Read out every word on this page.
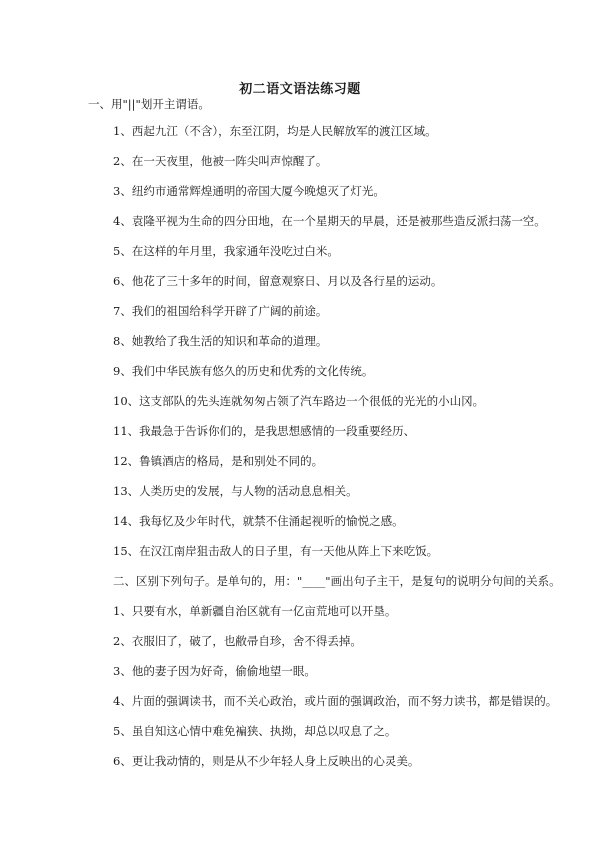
初二语文语法练习题
一、用"||"划开主谓语。
1、西起九江（不含），东至江阴，均是人民解放军的渡江区域。
2、在一天夜里，他被一阵尖叫声惊醒了。
3、纽约市通常辉煌通明的帝国大厦今晚熄灭了灯光。
4、袁隆平视为生命的四分田地，在一个星期天的早晨，还是被那些造反派扫荡一空。
5、在这样的年月里，我家通年没吃过白米。
6、他花了三十多年的时间，留意观察日、月以及各行星的运动。
7、我们的祖国给科学开辟了广阔的前途。
8、她教给了我生活的知识和革命的道理。
9、我们中华民族有悠久的历史和优秀的文化传统。
10、这支部队的先头连就匆匆占领了汽车路边一个很低的光光的小山冈。
11、我最急于告诉你们的，是我思想感情的一段重要经历、
12、鲁镇酒店的格局，是和别处不同的。
13、人类历史的发展，与人物的活动息息相关。
14、我每忆及少年时代，就禁不住涌起视听的愉悦之感。
15、在汉江南岸狙击敌人的日子里，有一天他从阵上下来吃饭。
二、区别下列句子。是单句的，用："____"画出句子主干，是复句的说明分句间的关系。
1、只要有水，单新疆自治区就有一亿亩荒地可以开垦。
2、衣服旧了，破了，也敝帚自珍，舍不得丢掉。
3、他的妻子因为好奇，偷偷地望一眼。
4、片面的强调读书，而不关心政治，或片面的强调政治，而不努力读书，都是错误的。
5、虽自知这心情中难免褊狭、执拗，却总以叹息了之。
6、更让我动情的，则是从不少年轻人身上反映出的心灵美。
